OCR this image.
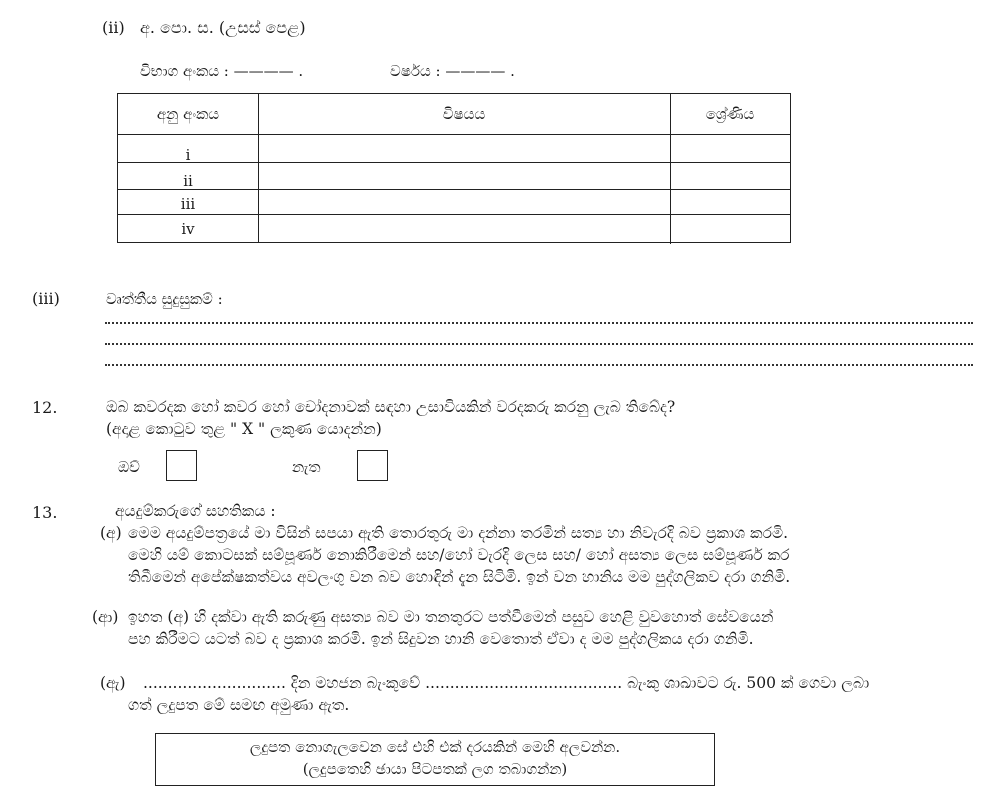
(ii) අ. පො. ස. (උසස් පෙළ)
විභාග අංකය : ———— .	වර්ෂය : ———— .
අනු අංකය	විෂයය	ශ්‍රේණිය
i
ii
iii
iv
(iii)	වෘත්තීය සුදුසුකම් :
12.	ඔබ කවරදක හෝ කවර හෝ චෝදනාවක් සඳහා උසාවියකින් වරදකරු කරනු ලැබ තිබේද?
(අදාළ කොටුව තුළ " X " ලකුණ යොදන්න)
ඔව්	නැත
13.	අයදුම්කරුගේ සහතිකය :
(අ) මෙම අයදුම්පත්‍රයේ මා විසින් සපයා ඇති තොරතුරු මා දන්නා තරමින් සත්‍ය හා නිවැරදි බව ප්‍රකාශ කරමි.
මෙහි යම් කොටසක් සම්පූර්ණ නොකිරීමෙන් සහ/හෝ වැරදි ලෙස සහ/ හෝ අසත්‍ය ලෙස සම්පූර්ණ කර
තිබීමෙන් අපේක්ෂකත්වය අවලංගු වන බව හොඳින් දැන සිටිමි. ඉන් වන හානිය මම පුද්ගලිකව දරා ගනිමි.
(ආ) ඉහත (අ) හි දක්වා ඇති කරුණු අසත්‍ය බව මා තනතුරට පත්වීමෙන් පසුව හෙළි වුවහොත් සේවයෙන්
පහ කිරීමට යටත් බව ද ප්‍රකාශ කරමි. ඉන් සිදුවන හානි වෙතොත් ඒවා ද මම පුද්ගලිකය දරා ගනිමි.
(ඇ) ............................. දින මහජන බැංකුවේ ........................................ බැංකු ශාඛාවට රු. 500 ක් ගෙවා ලබා
ගත් ලදුපත මේ සමඟ අමුණා ඇත.
ලදුපත නොගැලවෙන සේ එහි එක් දරයකින් මෙහි අලවන්න.
(ලදුපතෙහි ඡායා පිටපතක් ලග තබාගන්න)
